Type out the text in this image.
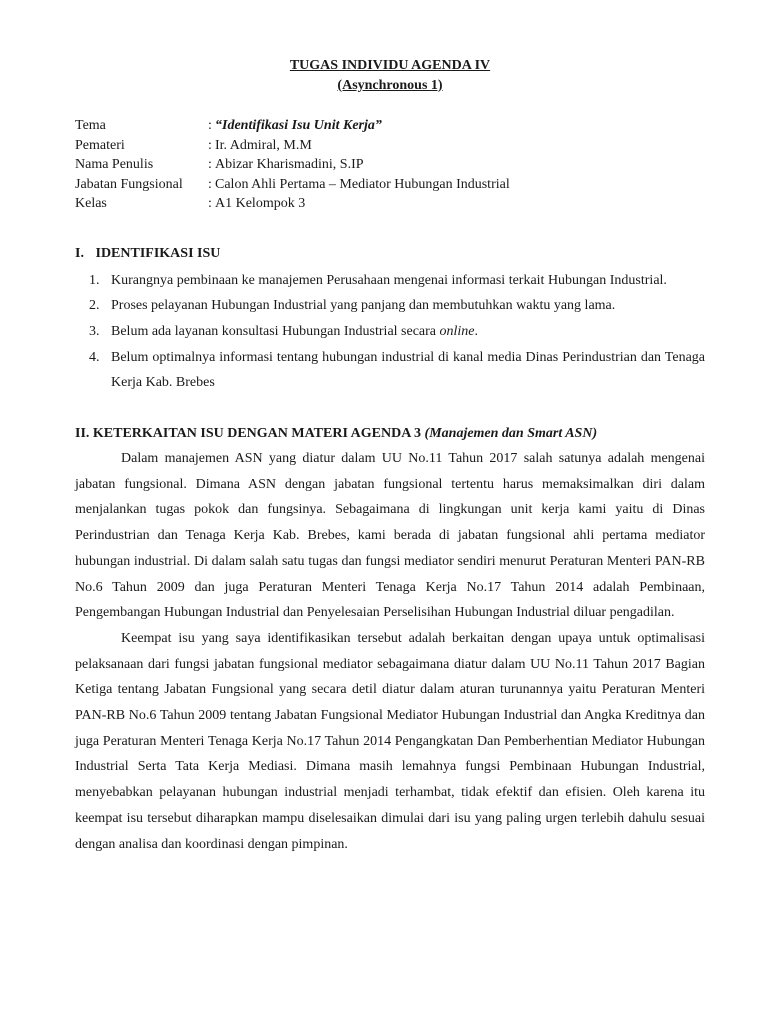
TUGAS INDIVIDU AGENDA IV
(Asynchronous 1)
Tema	: “Identifikasi Isu Unit Kerja”
Pemateri	: Ir. Admiral, M.M
Nama Penulis	: Abizar Kharismadini, S.IP
Jabatan Fungsional	: Calon Ahli Pertama – Mediator Hubungan Industrial
Kelas	: A1 Kelompok 3
I. IDENTIFIKASI ISU
1. Kurangnya pembinaan ke manajemen Perusahaan mengenai informasi terkait Hubungan Industrial.
2. Proses pelayanan Hubungan Industrial yang panjang dan membutuhkan waktu yang lama.
3. Belum ada layanan konsultasi Hubungan Industrial secara online.
4. Belum optimalnya informasi tentang hubungan industrial di kanal media Dinas Perindustrian dan Tenaga Kerja Kab. Brebes
II. KETERKAITAN ISU DENGAN MATERI AGENDA 3 (Manajemen dan Smart ASN)

Dalam manajemen ASN yang diatur dalam UU No.11 Tahun 2017 salah satunya adalah mengenai jabatan fungsional. Dimana ASN dengan jabatan fungsional tertentu harus memaksimalkan diri dalam menjalankan tugas pokok dan fungsinya. Sebagaimana di lingkungan unit kerja kami yaitu di Dinas Perindustrian dan Tenaga Kerja Kab. Brebes, kami berada di jabatan fungsional ahli pertama mediator hubungan industrial. Di dalam salah satu tugas dan fungsi mediator sendiri menurut Peraturan Menteri PAN-RB No.6 Tahun 2009 dan juga Peraturan Menteri Tenaga Kerja No.17 Tahun 2014 adalah Pembinaan, Pengembangan Hubungan Industrial dan Penyelesaian Perselisihan Hubungan Industrial diluar pengadilan.

Keempat isu yang saya identifikasikan tersebut adalah berkaitan dengan upaya untuk optimalisasi pelaksanaan dari fungsi jabatan fungsional mediator sebagaimana diatur dalam UU No.11 Tahun 2017 Bagian Ketiga tentang Jabatan Fungsional yang secara detil diatur dalam aturan turunannya yaitu Peraturan Menteri PAN-RB No.6 Tahun 2009 tentang Jabatan Fungsional Mediator Hubungan Industrial dan Angka Kreditnya dan juga Peraturan Menteri Tenaga Kerja No.17 Tahun 2014 Pengangkatan Dan Pemberhentian Mediator Hubungan Industrial Serta Tata Kerja Mediasi. Dimana masih lemahnya fungsi Pembinaan Hubungan Industrial, menyebabkan pelayanan hubungan industrial menjadi terhambat, tidak efektif dan efisien. Oleh karena itu keempat isu tersebut diharapkan mampu diselesaikan dimulai dari isu yang paling urgen terlebih dahulu sesuai dengan analisa dan koordinasi dengan pimpinan.
